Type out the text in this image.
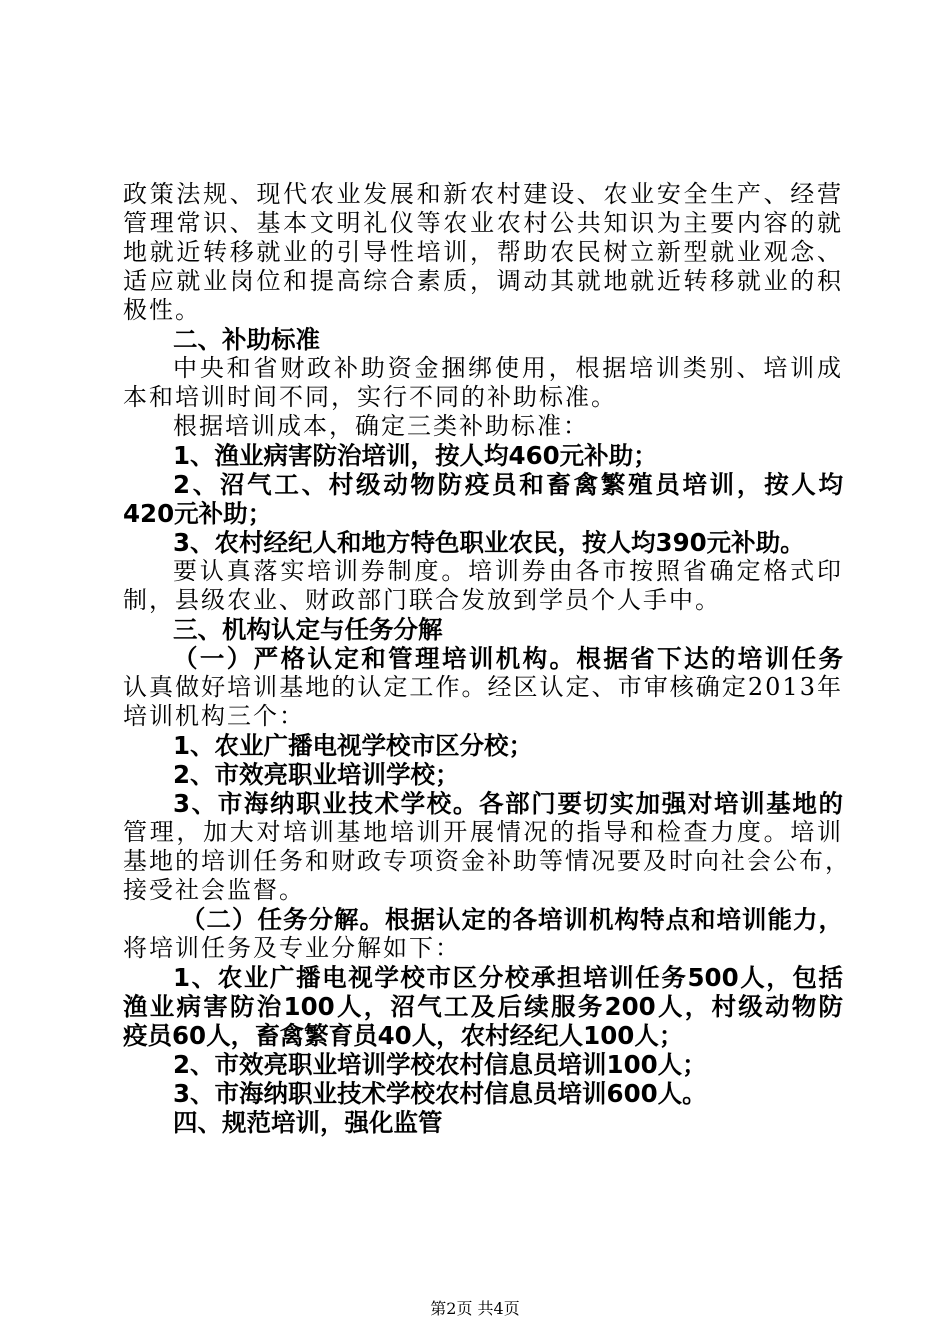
政策法规、现代农业发展和新农村建设、农业安全生产、经营
管理常识、基本文明礼仪等农业农村公共知识为主要内容的就
地就近转移就业的引导性培训，帮助农民树立新型就业观念、
适应就业岗位和提高综合素质，调动其就地就近转移就业的积
极性。
二、补助标准
中央和省财政补助资金捆绑使用，根据培训类别、培训成
本和培训时间不同，实行不同的补助标准。
根据培训成本，确定三类补助标准：
1、渔业病害防治培训，按人均460元补助；
2、沼气工、村级动物防疫员和畜禽繁殖员培训，按人均
420元补助；
3、农村经纪人和地方特色职业农民，按人均390元补助。
要认真落实培训券制度。培训券由各市按照省确定格式印
制，县级农业、财政部门联合发放到学员个人手中。
三、机构认定与任务分解
（一）严格认定和管理培训机构。根据省下达的培训任务
认真做好培训基地的认定工作。经区认定、市审核确定2013年
培训机构三个：
1、农业广播电视学校市区分校；
2、市效亮职业培训学校；
3、市海纳职业技术学校。各部门要切实加强对培训基地的
管理，加大对培训基地培训开展情况的指导和检查力度。培训
基地的培训任务和财政专项资金补助等情况要及时向社会公布，
接受社会监督。
（二）任务分解。根据认定的各培训机构特点和培训能力，
将培训任务及专业分解如下：
1、农业广播电视学校市区分校承担培训任务500人，包括
渔业病害防治100人，沼气工及后续服务200人，村级动物防
疫员60人，畜禽繁育员40人，农村经纪人100人；
2、市效亮职业培训学校农村信息员培训100人；
3、市海纳职业技术学校农村信息员培训600人。
四、规范培训，强化监管
第2页 共4页
